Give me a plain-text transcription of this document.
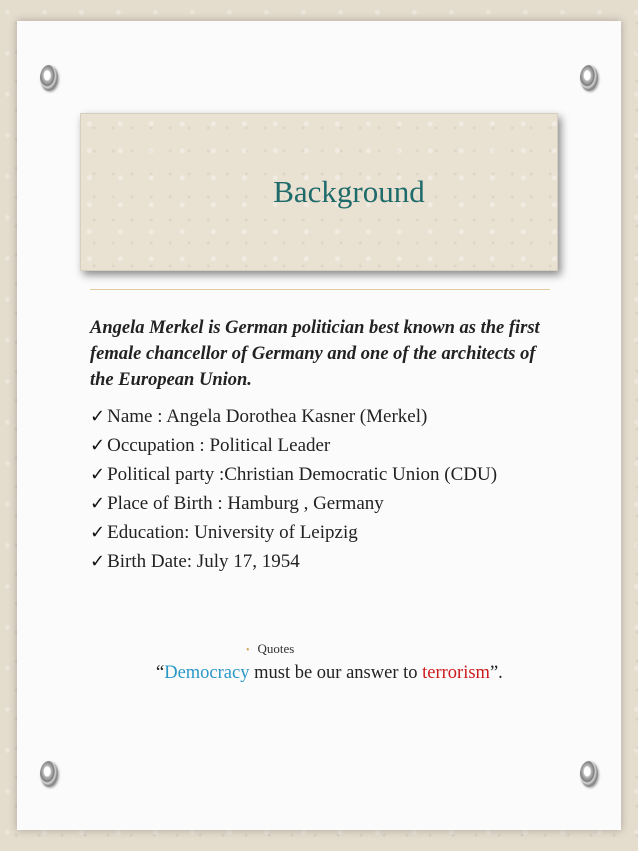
Background
Angela Merkel is German politician best known as the first female chancellor of Germany and one of the architects of the European Union.
✓ Name : Angela Dorothea Kasner (Merkel)
✓ Occupation : Political Leader
✓ Political party :Christian Democratic Union (CDU)
✓ Place of Birth : Hamburg , Germany
✓ Education: University of Leipzig
✓ Birth Date: July 17, 1954
• Quotes
“Democracy must be our answer to terrorism”.
